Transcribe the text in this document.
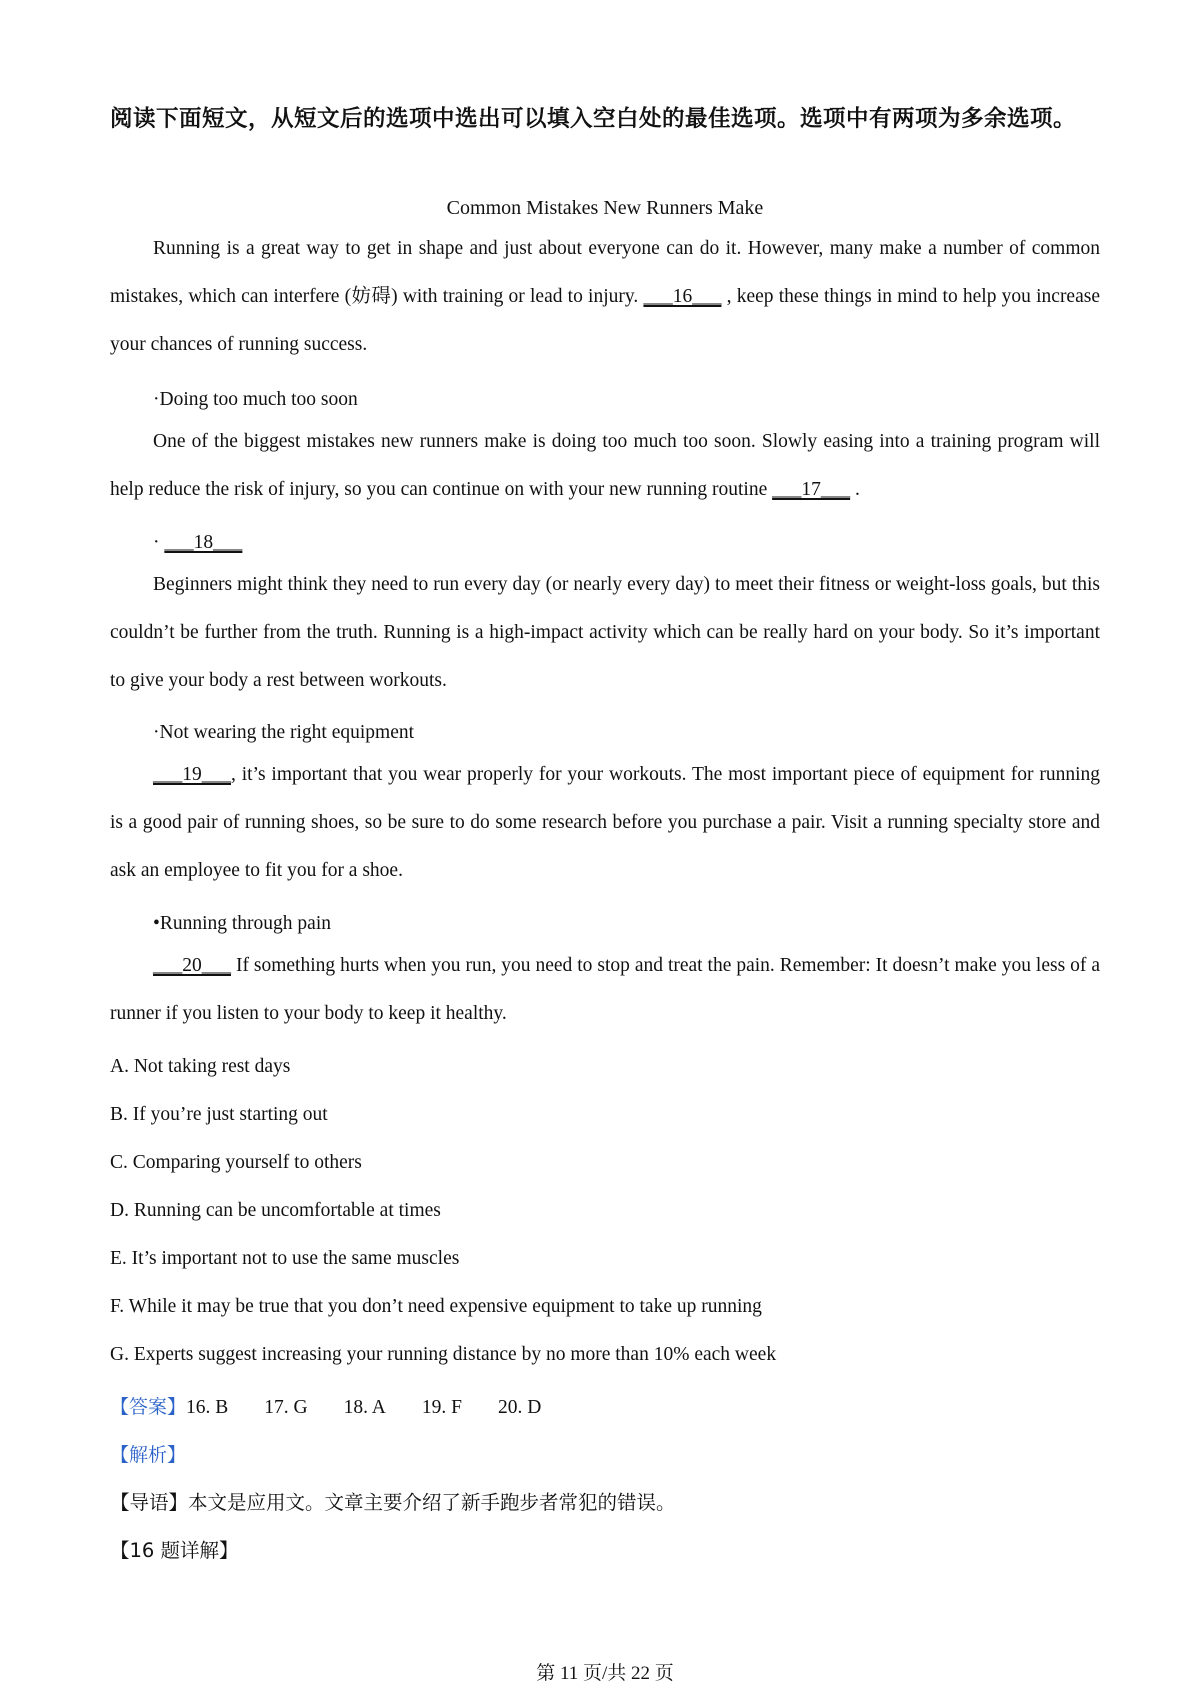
阅读下面短文，从短文后的选项中选出可以填入空白处的最佳选项。选项中有两项为多余选项。
Common Mistakes New Runners Make
Running is a great way to get in shape and just about everyone can do it. However, many make a number of common mistakes, which can interfere (妨碍) with training or lead to injury. ___16___ , keep these things in mind to help you increase your chances of running success.
·Doing too much too soon
One of the biggest mistakes new runners make is doing too much too soon. Slowly easing into a training program will help reduce the risk of injury, so you can continue on with your new running routine ___17___ .
· ___18___
Beginners might think they need to run every day (or nearly every day) to meet their fitness or weight-loss goals, but this couldn’t be further from the truth. Running is a high-impact activity which can be really hard on your body. So it’s important to give your body a rest between workouts.
·Not wearing the right equipment
___19___, it’s important that you wear properly for your workouts. The most important piece of equipment for running is a good pair of running shoes, so be sure to do some research before you purchase a pair. Visit a running specialty store and ask an employee to fit you for a shoe.
•Running through pain
___20___ If something hurts when you run, you need to stop and treat the pain. Remember: It doesn’t make you less of a runner if you listen to your body to keep it healthy.
A. Not taking rest days
B. If you’re just starting out
C. Comparing yourself to others
D. Running can be uncomfortable at times
E. It’s important not to use the same muscles
F. While it may be true that you don’t need expensive equipment to take up running
G. Experts suggest increasing your running distance by no more than 10% each week
【答案】16. B 17. G 18. A 19. F 20. D
【解析】
【导语】本文是应用文。文章主要介绍了新手跑步者常犯的错误。
【16 题详解】
第 11 页/共 22 页
